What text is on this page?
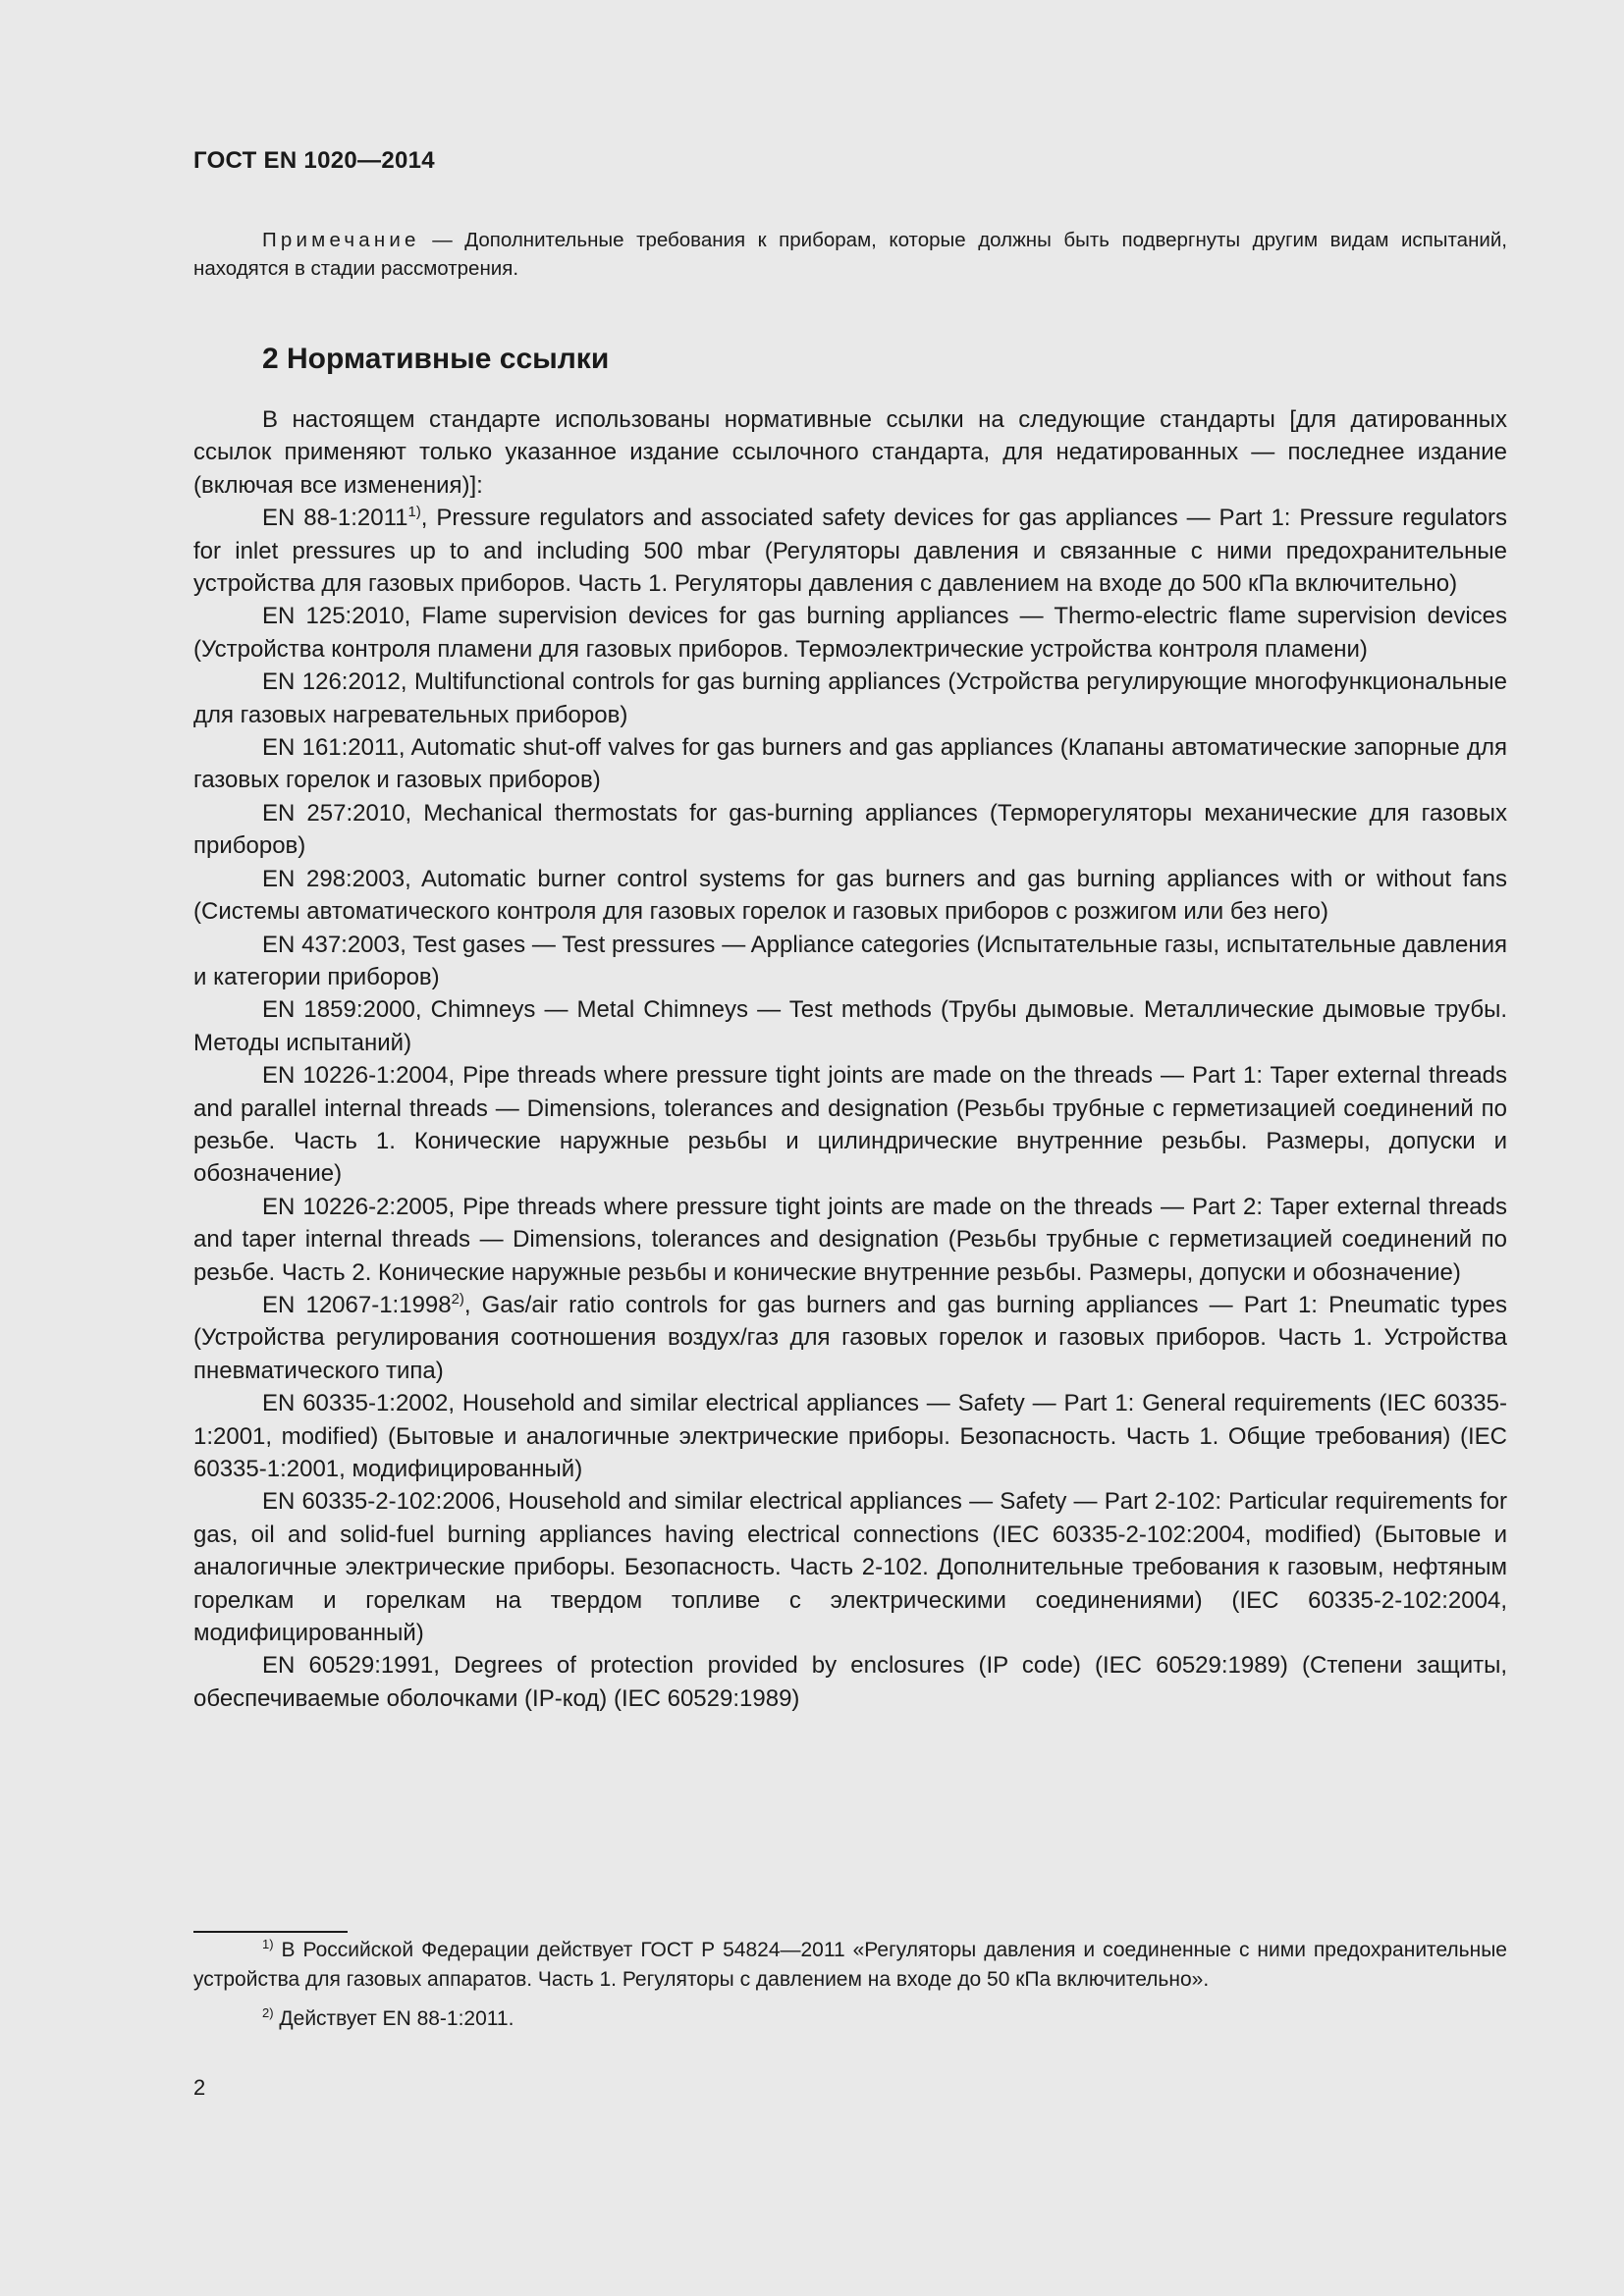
ГОСТ EN 1020—2014
Примечание — Дополнительные требования к приборам, которые должны быть подвергнуты другим видам испытаний, находятся в стадии рассмотрения.
2 Нормативные ссылки

В настоящем стандарте использованы нормативные ссылки на следующие стандарты [для датированных ссылок применяют только указанное издание ссылочного стандарта, для недатированных — последнее издание (включая все изменения)]:

EN 88-1:2011$^{1)}$, Pressure regulators and associated safety devices for gas appliances — Part 1: Pressure regulators for inlet pressures up to and including 500 mbar (Регуляторы давления и связанные с ними предохранительные устройства для газовых приборов. Часть 1. Регуляторы давления с давлением на входе до 500 кПа включительно)

EN 125:2010, Flame supervision devices for gas burning appliances — Thermo-electric flame supervision devices (Устройства контроля пламени для газовых приборов. Термоэлектрические устройства контроля пламени)

EN 126:2012, Multifunctional controls for gas burning appliances (Устройства регулирующие многофункциональные для газовых нагревательных приборов)

EN 161:2011, Automatic shut-off valves for gas burners and gas appliances (Клапаны автоматические запорные для газовых горелок и газовых приборов)

EN 257:2010, Mechanical thermostats for gas-burning appliances (Терморегуляторы механические для газовых приборов)

EN 298:2003, Automatic burner control systems for gas burners and gas burning appliances with or without fans (Системы автоматического контроля для газовых горелок и газовых приборов с розжигом или без него)

EN 437:2003, Test gases — Test pressures — Appliance categories (Испытательные газы, испытательные давления и категории приборов)

EN 1859:2000, Chimneys — Metal Chimneys — Test methods (Трубы дымовые. Металлические дымовые трубы. Методы испытаний)

EN 10226-1:2004, Pipe threads where pressure tight joints are made on the threads — Part 1: Taper external threads and parallel internal threads — Dimensions, tolerances and designation (Резьбы трубные с герметизацией соединений по резьбе. Часть 1. Конические наружные резьбы и цилиндрические внутренние резьбы. Размеры, допуски и обозначение)

EN 10226-2:2005, Pipe threads where pressure tight joints are made on the threads — Part 2: Taper external threads and taper internal threads — Dimensions, tolerances and designation (Резьбы трубные с герметизацией соединений по резьбе. Часть 2. Конические наружные резьбы и конические внутренние резьбы. Размеры, допуски и обозначение)

EN 12067-1:1998$^{2)}$, Gas/air ratio controls for gas burners and gas burning appliances — Part 1: Pneumatic types (Устройства регулирования соотношения воздух/газ для газовых горелок и газовых приборов. Часть 1. Устройства пневматического типа)

EN 60335-1:2002, Household and similar electrical appliances — Safety — Part 1: General requirements (IEC 60335-1:2001, modified) (Бытовые и аналогичные электрические приборы. Безопасность. Часть 1. Общие требования) (IEC 60335-1:2001, модифицированный)

EN 60335-2-102:2006, Household and similar electrical appliances — Safety — Part 2-102: Particular requirements for gas, oil and solid-fuel burning appliances having electrical connections (IEC 60335-2-102:2004, modified) (Бытовые и аналогичные электрические приборы. Безопасность. Часть 2-102. Дополнительные требования к газовым, нефтяным горелкам и горелкам на твердом топливе с электрическими соединениями) (IEC 60335-2-102:2004, модифицированный)

EN 60529:1991, Degrees of protection provided by enclosures (IP code) (IEC 60529:1989) (Степени защиты, обеспечиваемые оболочками (IP-код) (IEC 60529:1989)

$^{1)}$ В Российской Федерации действует ГОСТ Р 54824—2011 «Регуляторы давления и соединенные с ними предохранительные устройства для газовых аппаратов. Часть 1. Регуляторы с давлением на входе до 50 кПа включительно».

$^{2)}$ Действует EN 88-1:2011.

2
